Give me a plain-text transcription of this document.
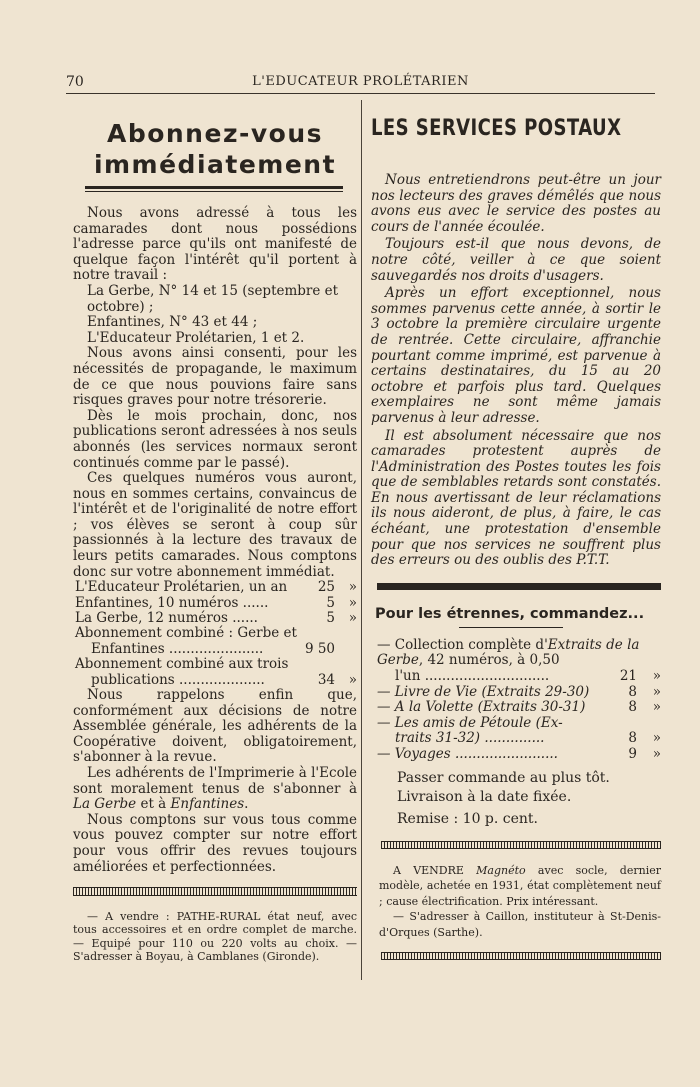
70	L'EDUCATEUR PROLÉTARIEN
Abonnez-vous immédiatement

Nous avons adressé à tous les camarades dont nous possédions l'adresse parce qu'ils ont manifesté de quelque façon l'intérêt qu'il portent à notre travail :

La Gerbe, N° 14 et 15 (septembre et octobre) ;

Enfantines, N° 43 et 44 ;

L'Educateur Prolétarien, 1 et 2.

Nous avons ainsi consenti, pour les nécessités de propagande, le maximum de ce que nous pouvions faire sans risques graves pour notre trésorerie.

Dès le mois prochain, donc, nos publications seront adressées à nos seuls abonnés (les services normaux seront continués comme par le passé).

Ces quelques numéros vous auront, nous en sommes certains, convaincus de l'intérêt et de l'originalité de notre effort ; vos élèves se seront à coup sûr passionnés à la lecture des travaux de leurs petits camarades. Nous comptons donc sur votre abonnement immédiat.

L'Educateur Prolétarien, un an	25	»
Enfantines, 10 numéros ......	5	»
La Gerbe, 12 numéros ......	5	»
Abonnement combiné : Gerbe et
Enfantines ......................	9 50
Abonnement combiné aux trois
publications ....................	34	»

Nous rappelons enfin que, conformément aux décisions de notre Assemblée générale, les adhérents de la Coopérative doivent, obligatoirement, s'abonner à la revue.

Les adhérents de l'Imprimerie à l'Ecole sont moralement tenus de s'abonner à La Gerbe et à Enfantines.

Nous comptons sur vous tous comme vous pouvez compter sur notre effort pour vous offrir des revues toujours améliorées et perfectionnées.

— A vendre : PATHE-RURAL état neuf, avec tous accessoires et en ordre complet de marche. — Equipé pour 110 ou 220 volts au choix. — S'adresser à Boyau, à Camblanes (Gironde).

LES SERVICES POSTAUX

Nous entretiendrons peut-être un jour nos lecteurs des graves démêlés que nous avons eus avec le service des postes au cours de l'année écoulée.

Toujours est-il que nous devons, de notre côté, veiller à ce que soient sauvegardés nos droits d'usagers.

Après un effort exceptionnel, nous sommes parvenus cette année, à sortir le 3 octobre la première circulaire urgente de rentrée. Cette circulaire, affranchie pourtant comme imprimé, est parvenue à certains destinataires, du 15 au 20 octobre et parfois plus tard. Quelques exemplaires ne sont même jamais parvenus à leur adresse.

Il est absolument nécessaire que nos camarades protestent auprès de l'Administration des Postes toutes les fois que de semblables retards sont constatés. En nous avertissant de leur réclamations ils nous aideront, de plus, à faire, le cas échéant, une protestation d'ensemble pour que nos services ne souffrent plus des erreurs ou des oublis des P.T.T.

Pour les étrennes, commandez...
— Collection complète d'Extraits de la Gerbe, 42 numéros, à 0,50
l'un .............................	21	»
— Livre de Vie (Extraits 29-30)	8	»
— A la Volette (Extraits 30-31)	8	»
— Les amis de Pétoule (Ex-
traits 31-32) ..............	8	»
— Voyages ........................	9	»

Passer commande au plus tôt.

Livraison à la date fixée.

Remise : 10 p. cent.

A VENDRE Magnéto avec socle, dernier modèle, achetée en 1931, état complètement neuf ; cause électrification. Prix intéressant.

— S'adresser à Caillon, instituteur à St-Denis-d'Orques (Sarthe).
